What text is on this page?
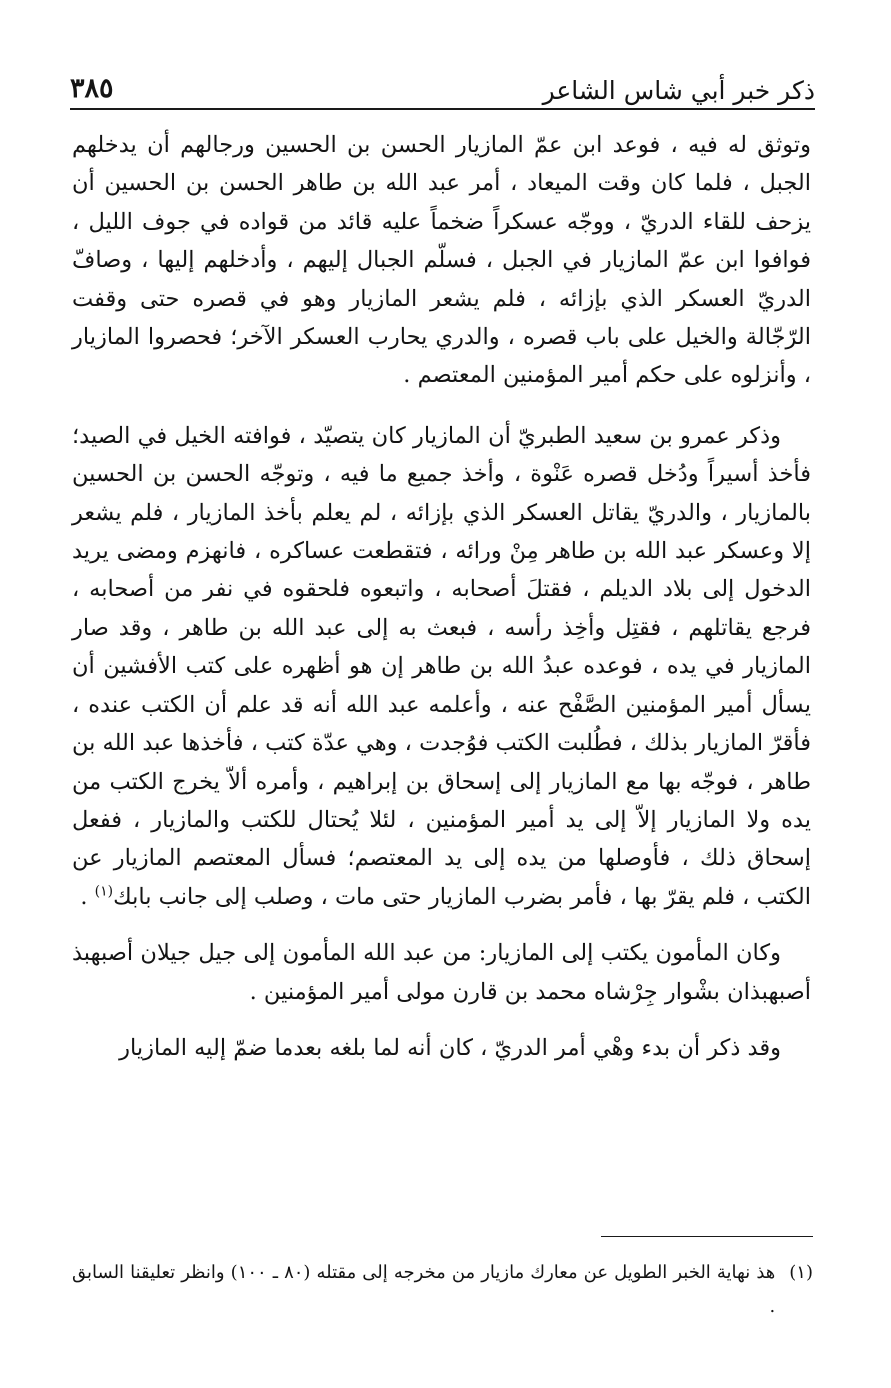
ذكر خبر أبي شاس الشاعر
٣٨٥

وتوثق له فيه ، فوعد ابن عمّ المازيار الحسن بن الحسين ورجالهم أن يدخلهم الجبل ، فلما كان وقت الميعاد ، أمر عبد الله بن طاهر الحسن بن الحسين أن يزحف للقاء الدريّ ، ووجّه عسكراً ضخماً عليه قائد من قواده في جوف الليل ، فوافوا ابن عمّ المازيار في الجبل ، فسلّم الجبال إليهم ، وأدخلهم إليها ، وصافّ الدريّ العسكر الذي بإزائه ، فلم يشعر المازيار وهو في قصره حتى وقفت الرّجّالة والخيل على باب قصره ، والدري يحارب العسكر الآخر؛ فحصروا المازيار ، وأنزلوه على حكم أمير المؤمنين المعتصم .

وذكر عمرو بن سعيد الطبريّ أن المازيار كان يتصيّد ، فوافته الخيل في الصيد؛ فأخذ أسيراً ودُخل قصره عَنْوة ، وأخذ جميع ما فيه ، وتوجّه الحسن بن الحسين بالمازيار ، والدريّ يقاتل العسكر الذي بإزائه ، لم يعلم بأخذ المازيار ، فلم يشعر إلا وعسكر عبد الله بن طاهر مِنْ ورائه ، فتقطعت عساكره ، فانهزم ومضى يريد الدخول إلى بلاد الديلم ، فقتلَ أصحابه ، واتبعوه فلحقوه في نفر من أصحابه ، فرجع يقاتلهم ، فقتِل وأخِذ رأسه ، فبعث به إلى عبد الله بن طاهر ، وقد صار المازيار في يده ، فوعده عبدُ الله بن طاهر إن هو أظهره على كتب الأفشين أن يسأل أمير المؤمنين الصَّفْح عنه ، وأعلمه عبد الله أنه قد علم أن الكتب عنده ، فأقرّ المازيار بذلك ، فطُلبت الكتب فوُجدت ، وهي عدّة كتب ، فأخذها عبد الله بن طاهر ، فوجّه بها مع المازيار إلى إسحاق بن إبراهيم ، وأمره ألاّ يخرج الكتب من يده ولا المازيار إلاّ إلى يد أمير المؤمنين ، لئلا يُحتال للكتب والمازيار ، ففعل إسحاق ذلك ، فأوصلها من يده إلى يد المعتصم؛ فسأل المعتصم المازيار عن الكتب ، فلم يقرّ بها ، فأمر بضرب المازيار حتى مات ، وصلب إلى جانب بابك$^{(١)}$ .

وكان المأمون يكتب إلى المازيار: من عبد الله المأمون إلى جيل جيلان أصبهبذ أصبهبذان بشْوار جِرْشاه محمد بن قارن مولى أمير المؤمنين .

وقد ذكر أن بدء وهْي أمر الدريّ ، كان أنه لما بلغه بعدما ضمّ إليه المازيار

(١)
هذ نهاية الخبر الطويل عن معارك مازيار من مخرجه إلى مقتله (٨٠ ـ ١٠٠) وانظر تعليقنا السابق .
